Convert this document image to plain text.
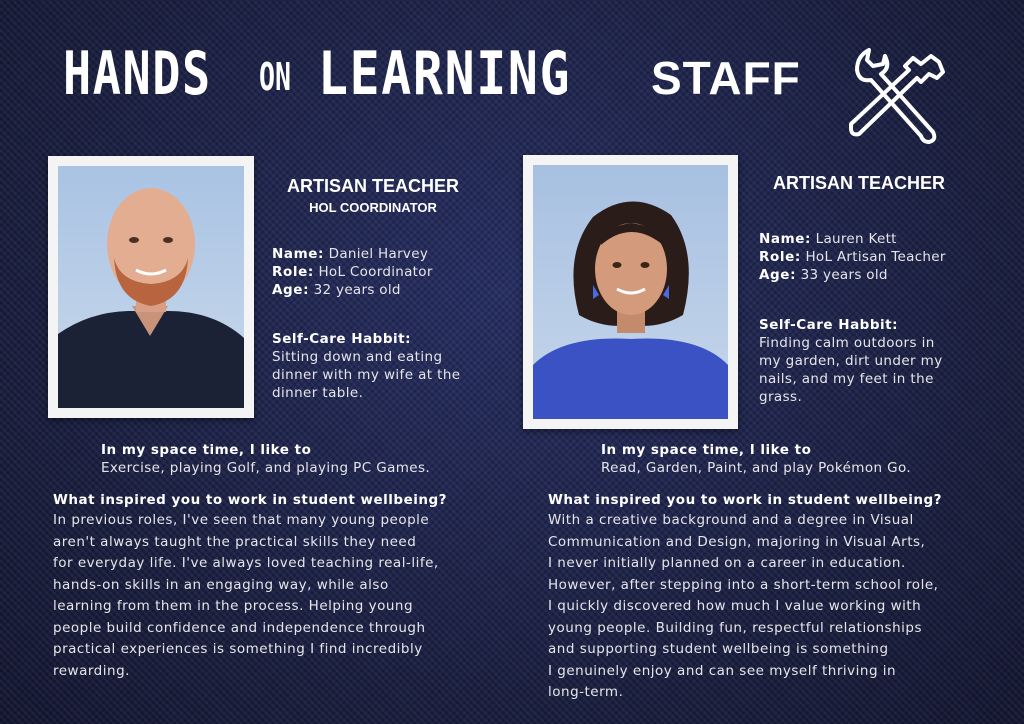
HANDS ON LEARNING STAFF
ARTISAN TEACHER
HOL COORDINATOR
Name: Daniel Harvey
Role: HoL Coordinator
Age: 32 years old
Self-Care Habbit:
Sitting down and eating
dinner with my wife at the
dinner table.
In my space time, I like to
Exercise, playing Golf, and playing PC Games.
What inspired you to work in student wellbeing?
In previous roles, I've seen that many young people
aren't always taught the practical skills they need
for everyday life. I've always loved teaching real-life,
hands-on skills in an engaging way, while also
learning from them in the process. Helping young
people build confidence and independence through
practical experiences is something I find incredibly
rewarding.
ARTISAN TEACHER
Name: Lauren Kett
Role: HoL Artisan Teacher
Age: 33 years old
Self-Care Habbit:
Finding calm outdoors in
my garden, dirt under my
nails, and my feet in the
grass.
In my space time, I like to
Read, Garden, Paint, and play Pokémon Go.
What inspired you to work in student wellbeing?
With a creative background and a degree in Visual
Communication and Design, majoring in Visual Arts,
I never initially planned on a career in education.
However, after stepping into a short-term school role,
I quickly discovered how much I value working with
young people. Building fun, respectful relationships
and supporting student wellbeing is something
I genuinely enjoy and can see myself thriving in
long-term.
